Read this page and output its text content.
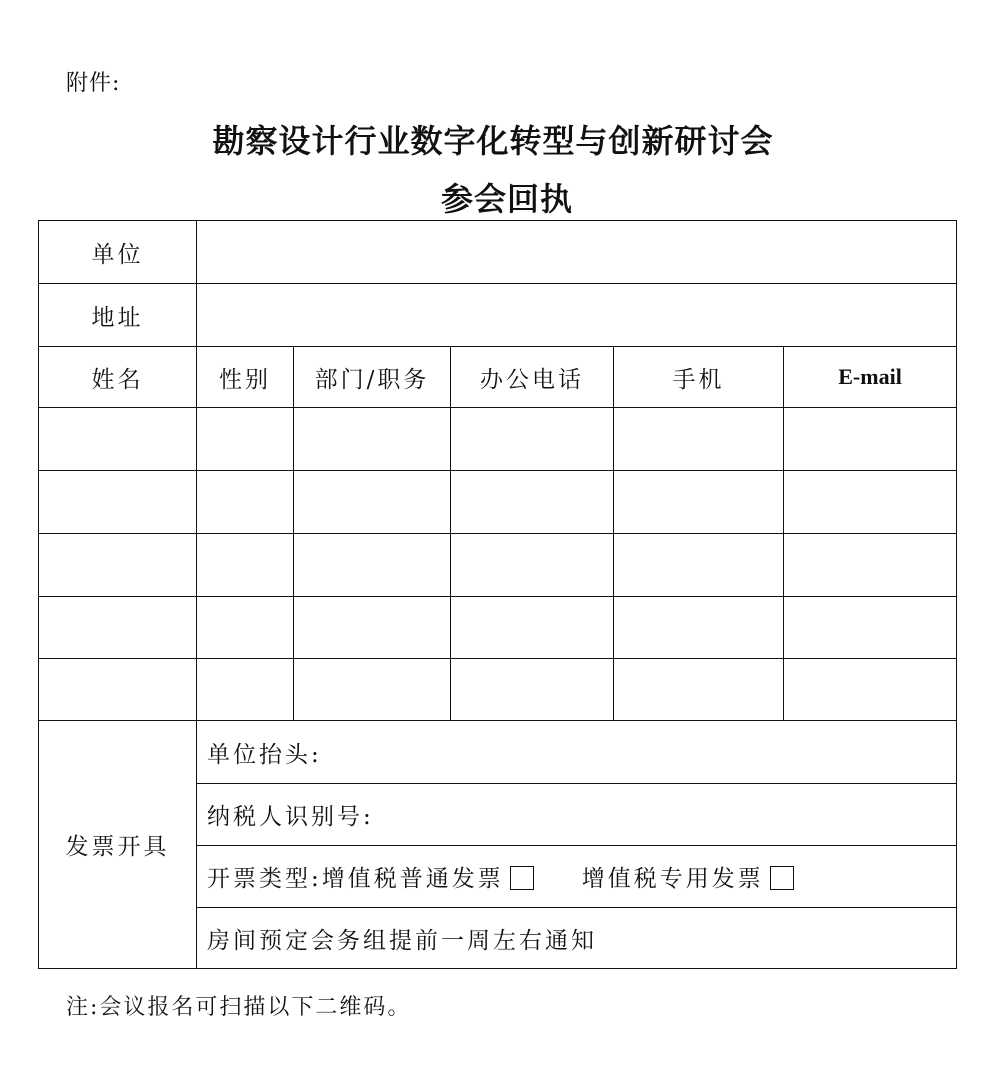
附件:
勘察设计行业数字化转型与创新研讨会
参会回执
单位					
地址					
姓名	性别	部门/职务	办公电话	手机	E-mail

发票开具	单位抬头:				
	纳税人识别号:				
	开票类型:增值税普通发票 增值税专用发票				
	房间预定会务组提前一周左右通知				
注:会议报名可扫描以下二维码。
